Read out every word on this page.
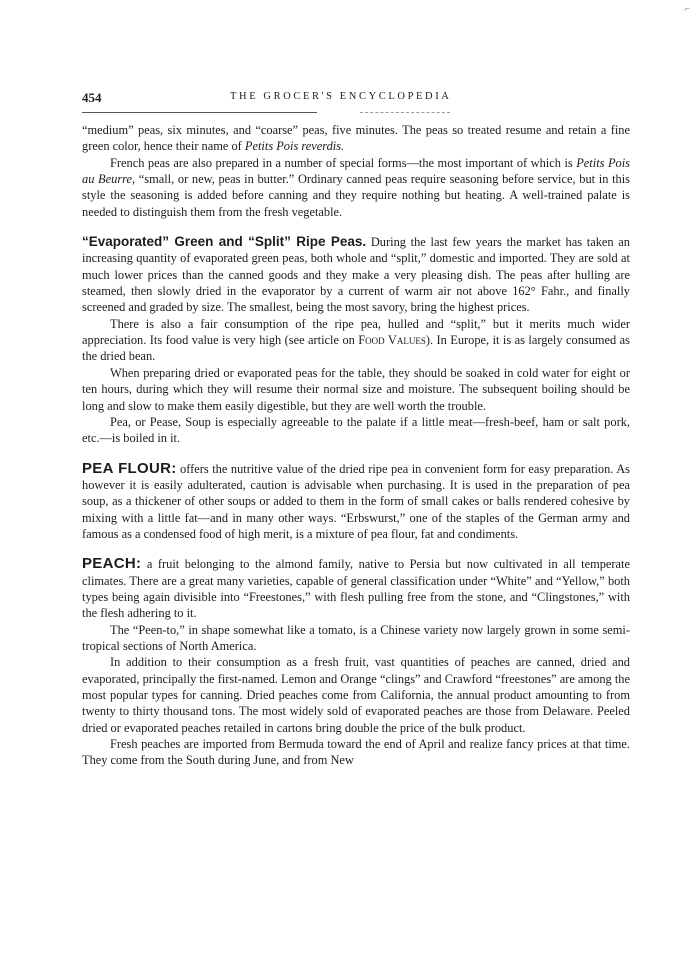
⌐
454	THE GROCER'S ENCYCLOPEDIA

“medium” peas, six minutes, and “coarse” peas, five minutes. The peas so treated resume and retain a fine green color, hence their name of Petits Pois reverdis.

French peas are also prepared in a number of special forms—the most important of which is Petits Pois au Beurre, “small, or new, peas in butter.” Ordinary canned peas require seasoning before service, but in this style the seasoning is added before canning and they require nothing but heating. A well-trained palate is needed to distinguish them from the fresh vegetable.

“Evaporated” Green and “Split” Ripe Peas. During the last few years the market has taken an increasing quantity of evaporated green peas, both whole and “split,” domestic and imported. They are sold at much lower prices than the canned goods and they make a very pleasing dish. The peas after hulling are steamed, then slowly dried in the evaporator by a current of warm air not above 162° Fahr., and finally screened and graded by size. The smallest, being the most savory, bring the highest prices.

There is also a fair consumption of the ripe pea, hulled and “split,” but it merits much wider appreciation. Its food value is very high (see article on Food Values). In Europe, it is as largely consumed as the dried bean.

When preparing dried or evaporated peas for the table, they should be soaked in cold water for eight or ten hours, during which they will resume their normal size and moisture. The subsequent boiling should be long and slow to make them easily digestible, but they are well worth the trouble.

Pea, or Pease, Soup is especially agreeable to the palate if a little meat—fresh-beef, ham or salt pork, etc.—is boiled in it.

PEA FLOUR: offers the nutritive value of the dried ripe pea in convenient form for easy preparation. As however it is easily adulterated, caution is advisable when purchasing. It is used in the preparation of pea soup, as a thickener of other soups or added to them in the form of small cakes or balls rendered cohesive by mixing with a little fat—and in many other ways. “Erbswurst,” one of the staples of the German army and famous as a condensed food of high merit, is a mixture of pea flour, fat and condiments.

PEACH: a fruit belonging to the almond family, native to Persia but now cultivated in all temperate climates. There are a great many varieties, capable of general classification under “White” and “Yellow,” both types being again divisible into “Freestones,” with flesh pulling free from the stone, and “Clingstones,” with the flesh adhering to it.

The “Peen-to,” in shape somewhat like a tomato, is a Chinese variety now largely grown in some semi-tropical sections of North America.

In addition to their consumption as a fresh fruit, vast quantities of peaches are canned, dried and evaporated, principally the first-named. Lemon and Orange “clings” and Crawford “freestones” are among the most popular types for canning. Dried peaches come from California, the annual product amounting to from twenty to thirty thousand tons. The most widely sold of evaporated peaches are those from Delaware. Peeled dried or evaporated peaches retailed in cartons bring double the price of the bulk product.

Fresh peaches are imported from Bermuda toward the end of April and realize fancy prices at that time. They come from the South during June, and from New
